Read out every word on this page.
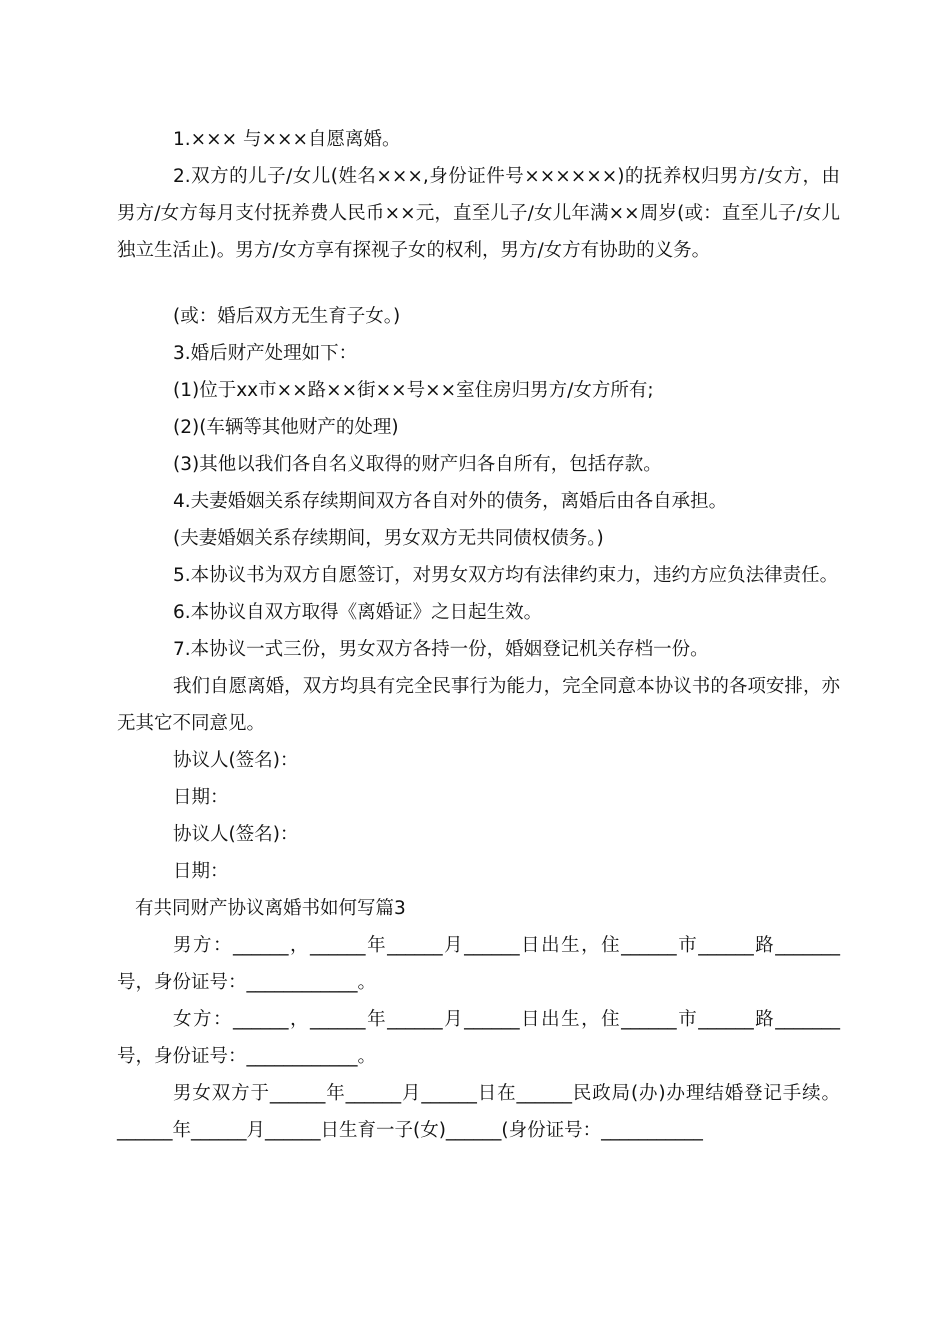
1.××× 与×××自愿离婚。

2.双方的儿子/女儿(姓名×××,身份证件号××××××)的抚养权归男方/女方，由男方/女方每月支付抚养费人民币××元，直至儿子/女儿年满××周岁(或：直至儿子/女儿独立生活止)。男方/女方享有探视子女的权利，男方/女方有协助的义务。

(或：婚后双方无生育子女。)

3.婚后财产处理如下：

(1)位于xx市××路××街××号××室住房归男方/女方所有;

(2)(车辆等其他财产的处理)

(3)其他以我们各自名义取得的财产归各自所有，包括存款。

4.夫妻婚姻关系存续期间双方各自对外的债务，离婚后由各自承担。

(夫妻婚姻关系存续期间，男女双方无共同债权债务。)

5.本协议书为双方自愿签订，对男女双方均有法律约束力，违约方应负法律责任。

6.本协议自双方取得《离婚证》之日起生效。

7.本协议一式三份，男女双方各持一份，婚姻登记机关存档一份。

我们自愿离婚，双方均具有完全民事行为能力，完全同意本协议书的各项安排，亦无其它不同意见。

协议人(签名)：

日期：

协议人(签名)：

日期：

有共同财产协议离婚书如何写篇3

男方：______，______年______月______日出生，住______市______路_______号，身份证号：____________。

女方：______，______年______月______日出生，住______市______路_______号，身份证号：____________。

男女双方于______年______月______日在______民政局(办)办理结婚登记手续。______年______月______日生育一子(女)______(身份证号：___________
